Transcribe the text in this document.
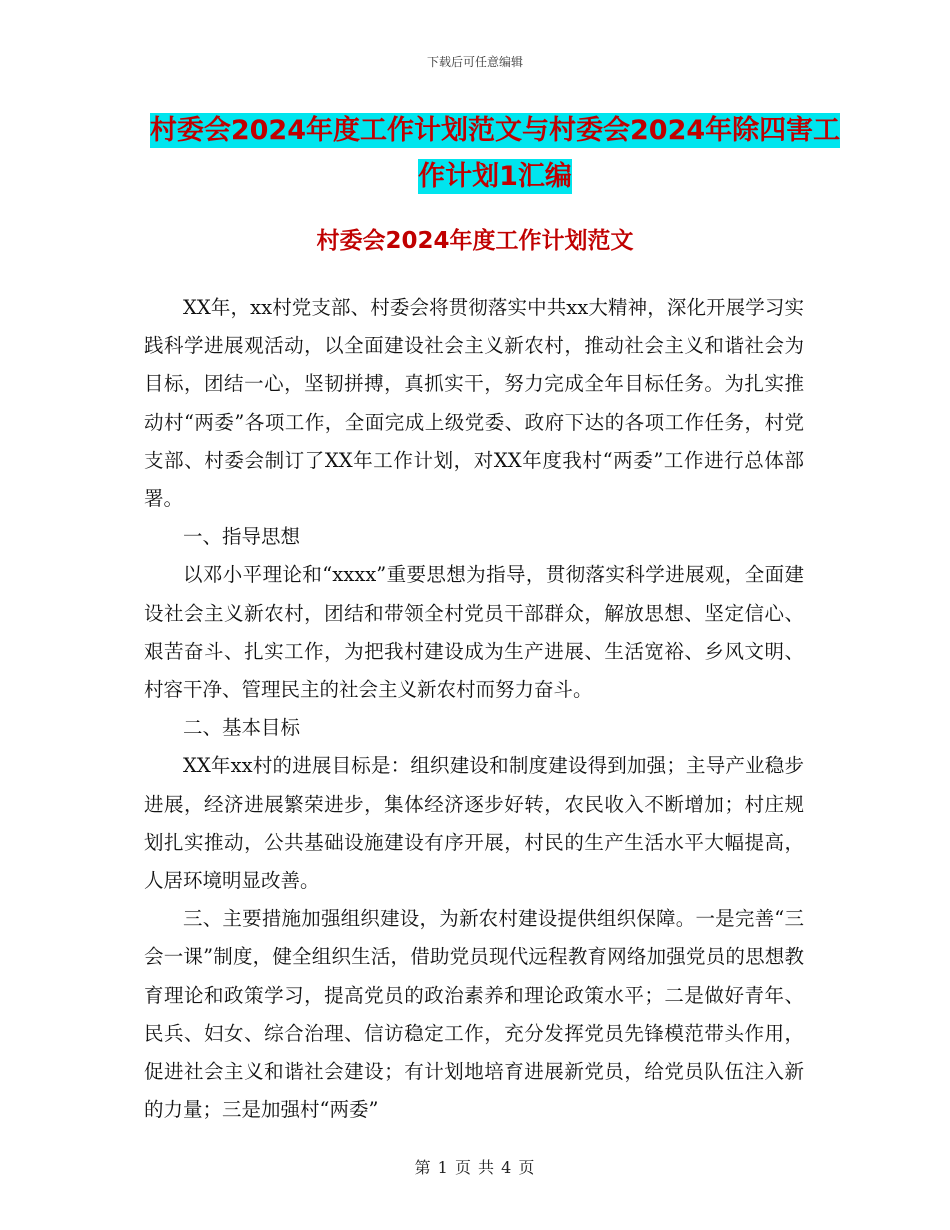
下载后可任意编辑
村委会2024年度工作计划范文与村委会2024年除四害工作计划1汇编
村委会2024年度工作计划范文

XX年，xx村党支部、村委会将贯彻落实中共xx大精神，深化开展学习实践科学进展观活动，以全面建设社会主义新农村，推动社会主义和谐社会为目标，团结一心，坚韧拼搏，真抓实干，努力完成全年目标任务。为扎实推动村“两委”各项工作，全面完成上级党委、政府下达的各项工作任务，村党支部、村委会制订了XX年工作计划，对XX年度我村“两委”工作进行总体部署。

一、指导思想

以邓小平理论和“xxxx”重要思想为指导，贯彻落实科学进展观，全面建设社会主义新农村，团结和带领全村党员干部群众，解放思想、坚定信心、艰苦奋斗、扎实工作，为把我村建设成为生产进展、生活宽裕、乡风文明、村容干净、管理民主的社会主义新农村而努力奋斗。

二、基本目标

XX年xx村的进展目标是：组织建设和制度建设得到加强；主导产业稳步进展，经济进展繁荣进步，集体经济逐步好转，农民收入不断增加；村庄规划扎实推动，公共基础设施建设有序开展，村民的生产生活水平大幅提高，人居环境明显改善。

三、主要措施加强组织建设，为新农村建设提供组织保障。一是完善“三会一课”制度，健全组织生活，借助党员现代远程教育网络加强党员的思想教育理论和政策学习，提高党员的政治素养和理论政策水平；二是做好青年、民兵、妇女、综合治理、信访稳定工作，充分发挥党员先锋模范带头作用，促进社会主义和谐社会建设；有计划地培育进展新党员，给党员队伍注入新的力量；三是加强村“两委”

第 1 页 共 4 页
